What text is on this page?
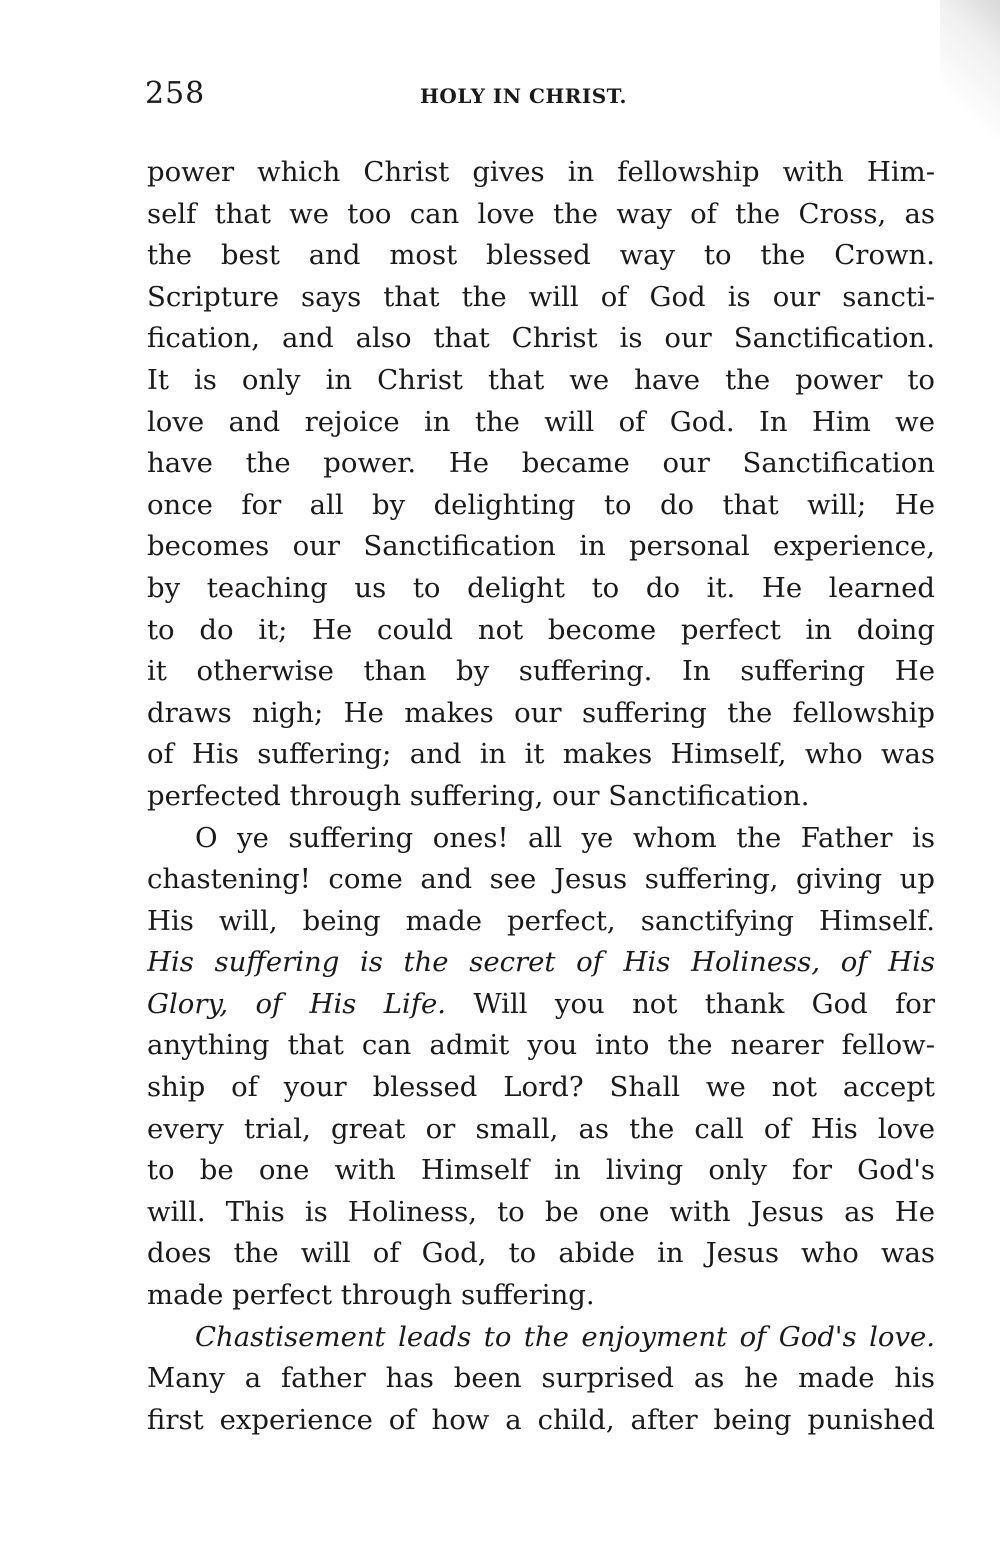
258	HOLY IN CHRIST.
power which Christ gives in fellowship with Him-
self that we too can love the way of the Cross, as
the best and most blessed way to the Crown.
Scripture says that the will of God is our sancti-
fication, and also that Christ is our Sanctification.
It is only in Christ that we have the power to
love and rejoice in the will of God. In Him we
have the power. He became our Sanctification
once for all by delighting to do that will; He
becomes our Sanctification in personal experience,
by teaching us to delight to do it. He learned
to do it; He could not become perfect in doing
it otherwise than by suffering. In suffering He
draws nigh; He makes our suffering the fellowship
of His suffering; and in it makes Himself, who was
perfected through suffering, our Sanctification.
O ye suffering ones! all ye whom the Father is
chastening! come and see Jesus suffering, giving up
His will, being made perfect, sanctifying Himself.
His suffering is the secret of His Holiness, of His
Glory, of His Life. Will you not thank God for
anything that can admit you into the nearer fellow-
ship of your blessed Lord? Shall we not accept
every trial, great or small, as the call of His love
to be one with Himself in living only for God's
will. This is Holiness, to be one with Jesus as He
does the will of God, to abide in Jesus who was
made perfect through suffering.
Chastisement leads to the enjoyment of God's love.
Many a father has been surprised as he made his
first experience of how a child, after being punished
